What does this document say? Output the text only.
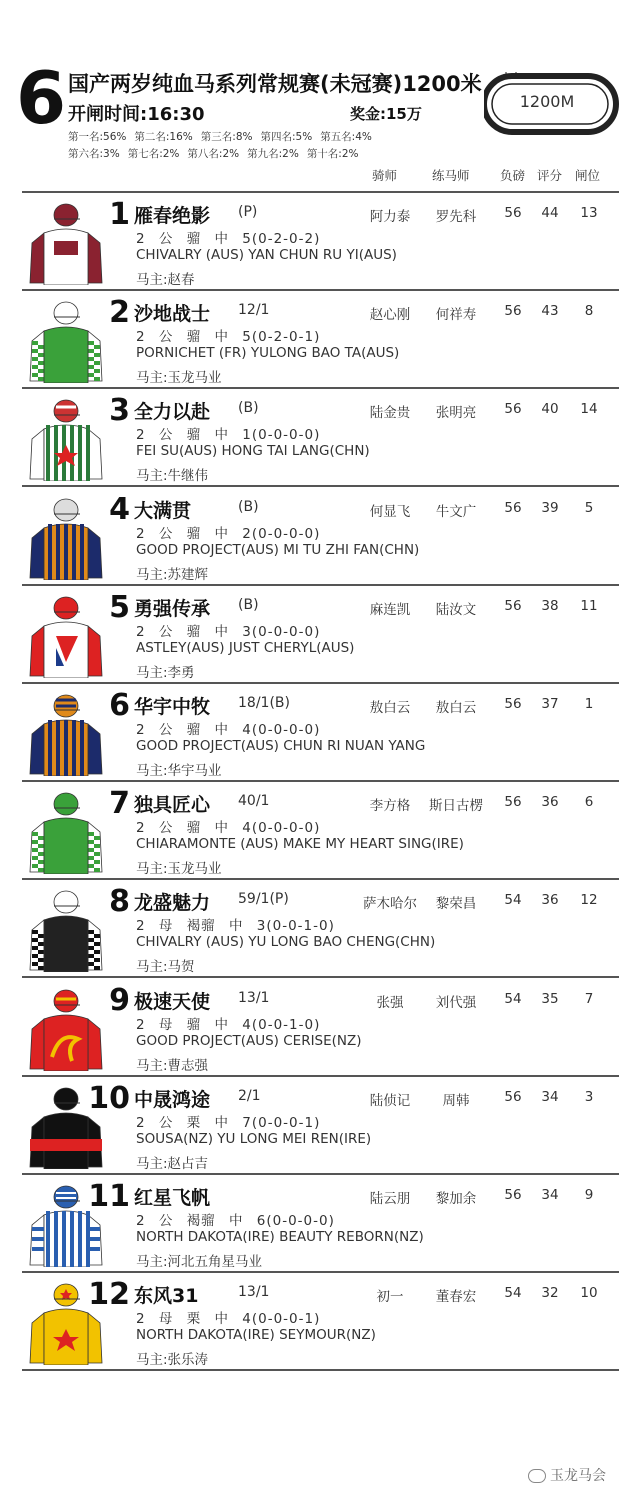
6 国产两岁纯血马系列常规赛(未冠赛)1200米
开闸时间:16:30	奖金:15万
1200M
第一名:56% 第二名:16% 第三名:8% 第四名:5% 第五名:4%
第六名:3% 第七名:2% 第八名:2% 第九名:2% 第十名:2%
骑师	练马师 负磅 评分 闸位
1 雁春绝影 (P)	阿力泰	罗先科	56	44	13
2 公 骝 中 5(0-2-0-2)
CHIVALRY (AUS) YAN CHUN RU YI(AUS)
马主:赵春
2 沙地战士 12/1	赵心刚	何祥寿	56	43	8
2 公 骝 中 5(0-2-0-1)
PORNICHET (FR) YULONG BAO TA(AUS)
马主:玉龙马业
3 全力以赴 (B)	陆金贵	张明亮	56	40	14
2 公 骝 中 1(0-0-0-0)
FEI SU(AUS) HONG TAI LANG(CHN)
马主:牛继伟
4 大满贯	(B)	何显飞	牛文广	56	39	5
2 公 骝 中 2(0-0-0-0)
GOOD PROJECT(AUS) MI TU ZHI FAN(CHN)
马主:苏建辉
5 勇强传承 (B)	麻连凯	陆汝文	56	38	11
2 公 骝 中 3(0-0-0-0)
ASTLEY(AUS) JUST CHERYL(AUS)
马主:李勇
6 华宇中牧 18/1(B)	敖白云	敖白云	56	37	1
2 公 骝 中 4(0-0-0-0)
GOOD PROJECT(AUS) CHUN RI NUAN YANG
马主:华宇马业
7 独具匠心 40/1	李方格	斯日古楞	56	36	6
2 公 骝 中 4(0-0-0-0)
CHIARAMONTE (AUS) MAKE MY HEART SING(IRE)
马主:玉龙马业
8 龙盛魅力 59/1(P)	萨木哈尔	黎荣昌	54	36	12
2 母 褐骝 中 3(0-0-1-0)
CHIVALRY (AUS) YU LONG BAO CHENG(CHN)
马主:马贺
9 极速天使 13/1	张强	刘代强	54	35	7
2 母 骝 中 4(0-0-1-0)
GOOD PROJECT(AUS) CERISE(NZ)
马主:曹志强
10 中晟鸿途 2/1	陆侦记	周韩	56	34	3
2 公 栗 中 7(0-0-0-1)
SOUSA(NZ) YU LONG MEI REN(IRE)
马主:赵占吉
11 红星飞帆	陆云朋	黎加余	56	34	9
2 公 褐骝 中 6(0-0-0-0)
NORTH DAKOTA(IRE) BEAUTY REBORN(NZ)
马主:河北五角星马业
12 东风31	13/1	初一	董春宏	54	32	10
2 母 栗 中 4(0-0-0-1)
NORTH DAKOTA(IRE) SEYMOUR(NZ)
马主:张乐涛
玉龙马会
